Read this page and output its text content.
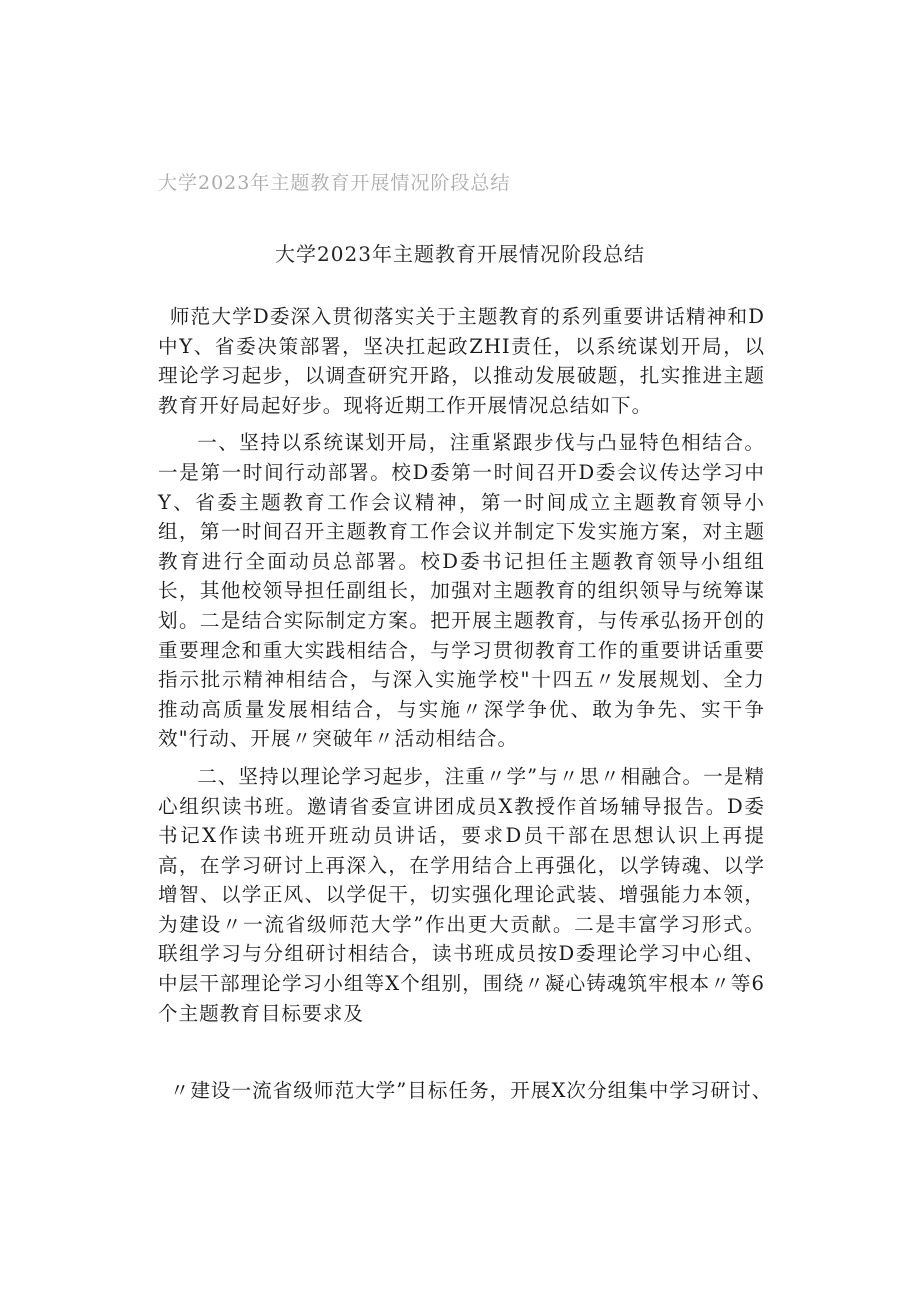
大学2023年主题教育开展情况阶段总结
大学2023年主题教育开展情况阶段总结

师范大学D委深入贯彻落实关于主题教育的系列重要讲话精神和D中Y、省委决策部署，坚决扛起政ZHI责任，以系统谋划开局，以理论学习起步，以调查研究开路，以推动发展破题，扎实推进主题教育开好局起好步。现将近期工作开展情况总结如下。

一、坚持以系统谋划开局，注重紧跟步伐与凸显特色相结合。一是第一时间行动部署。校D委第一时间召开D委会议传达学习中Y、省委主题教育工作会议精神，第一时间成立主题教育领导小组，第一时间召开主题教育工作会议并制定下发实施方案，对主题教育进行全面动员总部署。校D委书记担任主题教育领导小组组长，其他校领导担任副组长，加强对主题教育的组织领导与统筹谋划。二是结合实际制定方案。把开展主题教育，与传承弘扬开创的重要理念和重大实践相结合，与学习贯彻教育工作的重要讲话重要指示批示精神相结合，与深入实施学校"十四五〃发展规划、全力推动高质量发展相结合，与实施〃深学争优、敢为争先、实干争效"行动、开展〃突破年〃活动相结合。

二、坚持以理论学习起步，注重〃学”与〃思〃相融合。一是精心组织读书班。邀请省委宣讲团成员X教授作首场辅导报告。D委书记X作读书班开班动员讲话，要求D员干部在思想认识上再提高，在学习研讨上再深入，在学用结合上再强化，以学铸魂、以学增智、以学正风、以学促干，切实强化理论武装、增强能力本领，为建设〃一流省级师范大学”作出更大贡献。二是丰富学习形式。联组学习与分组研讨相结合，读书班成员按D委理论学习中心组、中层干部理论学习小组等X个组别，围绕〃凝心铸魂筑牢根本〃等6个主题教育目标要求及

〃建设一流省级师范大学”目标任务，开展X次分组集中学习研讨、
